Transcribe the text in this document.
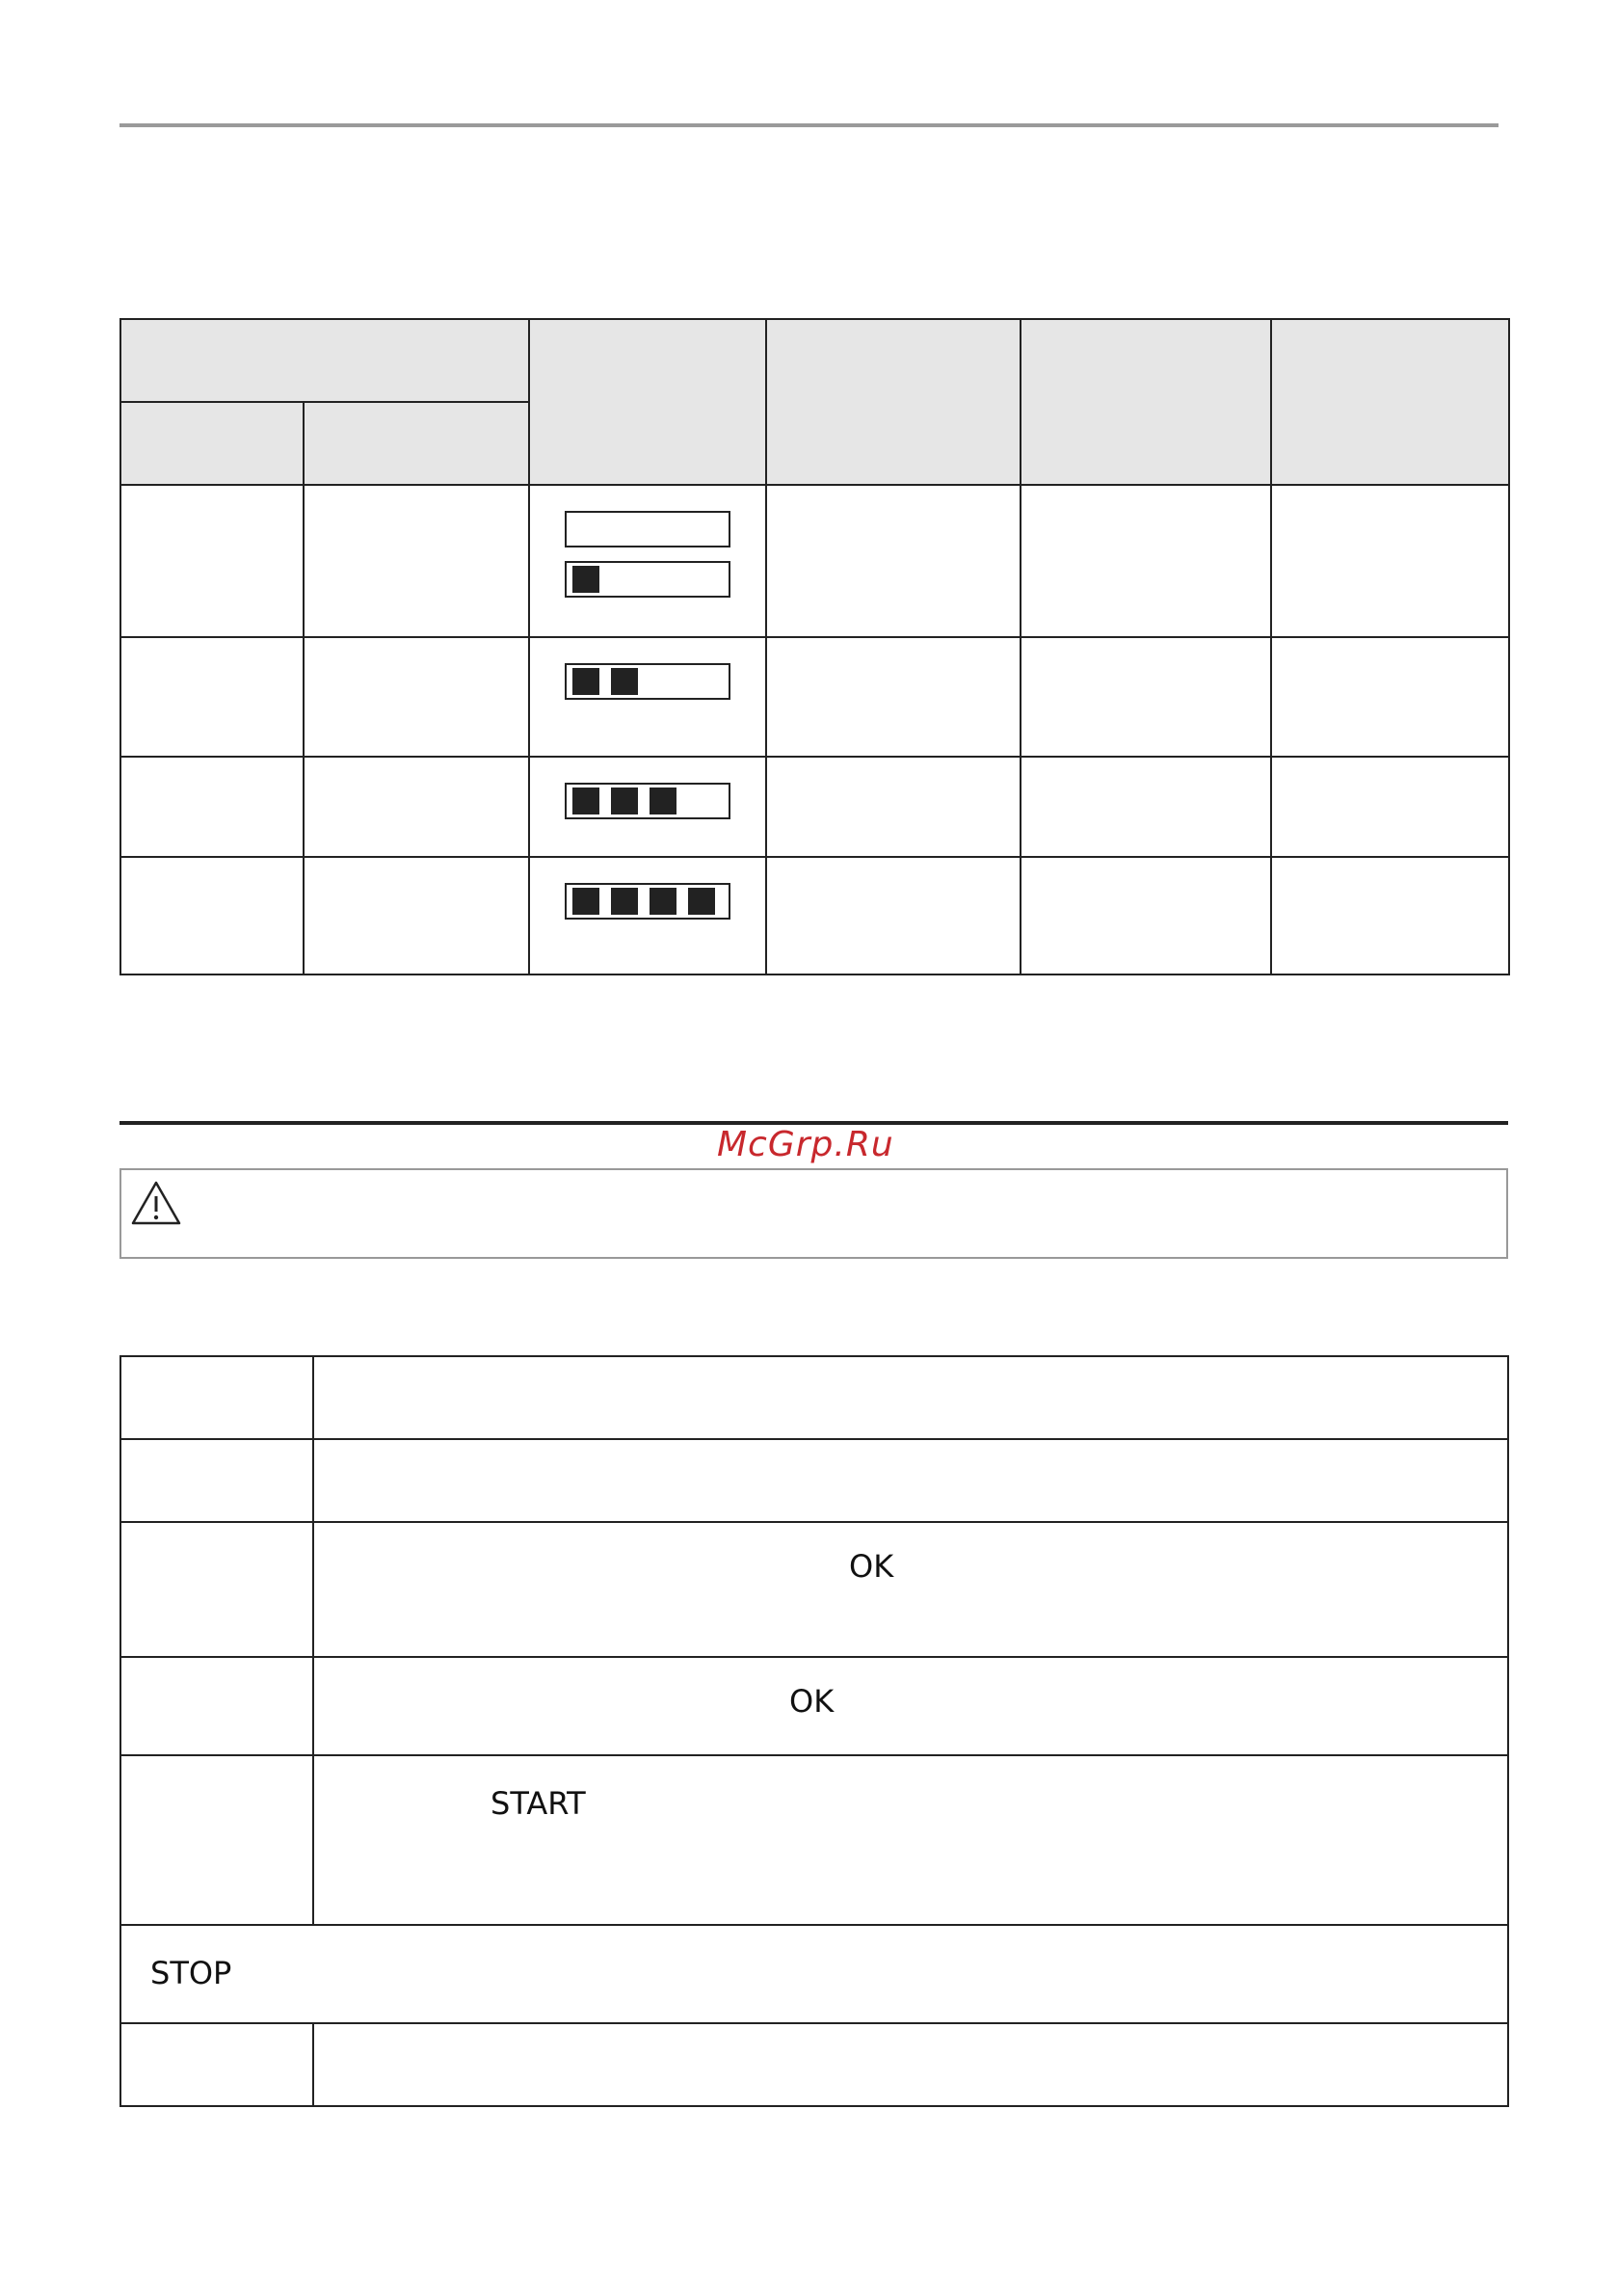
McGrp.Ru

	OK

	OK

	START

STOP	
